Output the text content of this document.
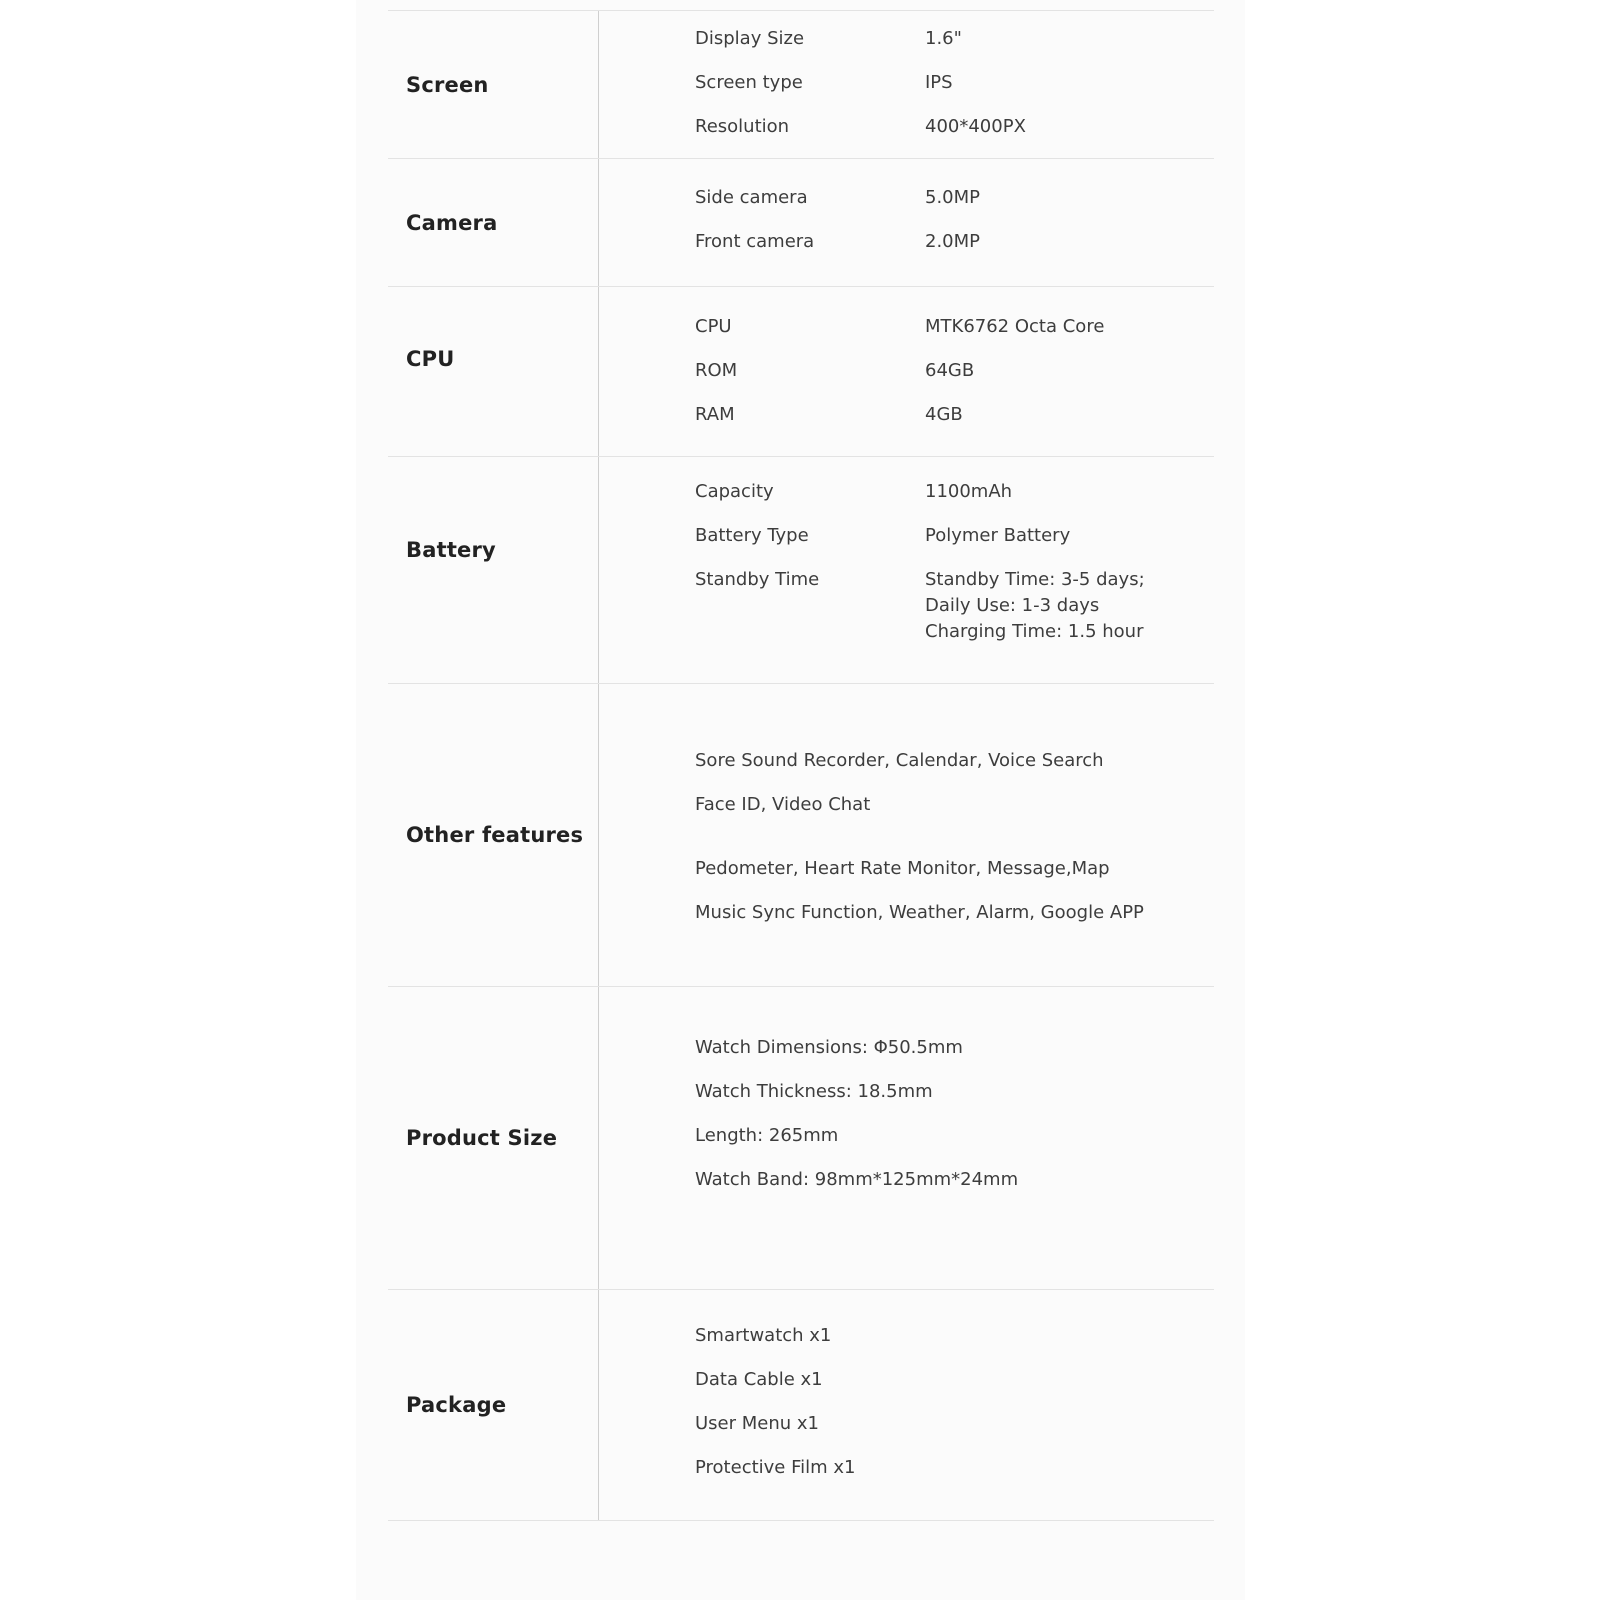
Screen
Display Size	1.6"
Screen type	IPS
Resolution	400*400PX
Camera
Side camera	5.0MP
Front camera	2.0MP
CPU
CPU	MTK6762 Octa Core
ROM	64GB
RAM	4GB
Battery
Capacity	1100mAh
Battery Type	Polymer Battery
Standby Time	Standby Time: 3-5 days;
Daily Use: 1-3 days
Charging Time: 1.5 hour
Other features
Sore Sound Recorder, Calendar, Voice Search
Face ID, Video Chat
Pedometer, Heart Rate Monitor, Message,Map
Music Sync Function, Weather, Alarm, Google APP
Product Size
Watch Dimensions: Φ50.5mm
Watch Thickness: 18.5mm
Length: 265mm
Watch Band: 98mm*125mm*24mm
Package
Smartwatch x1
Data Cable x1
User Menu x1
Protective Film x1
